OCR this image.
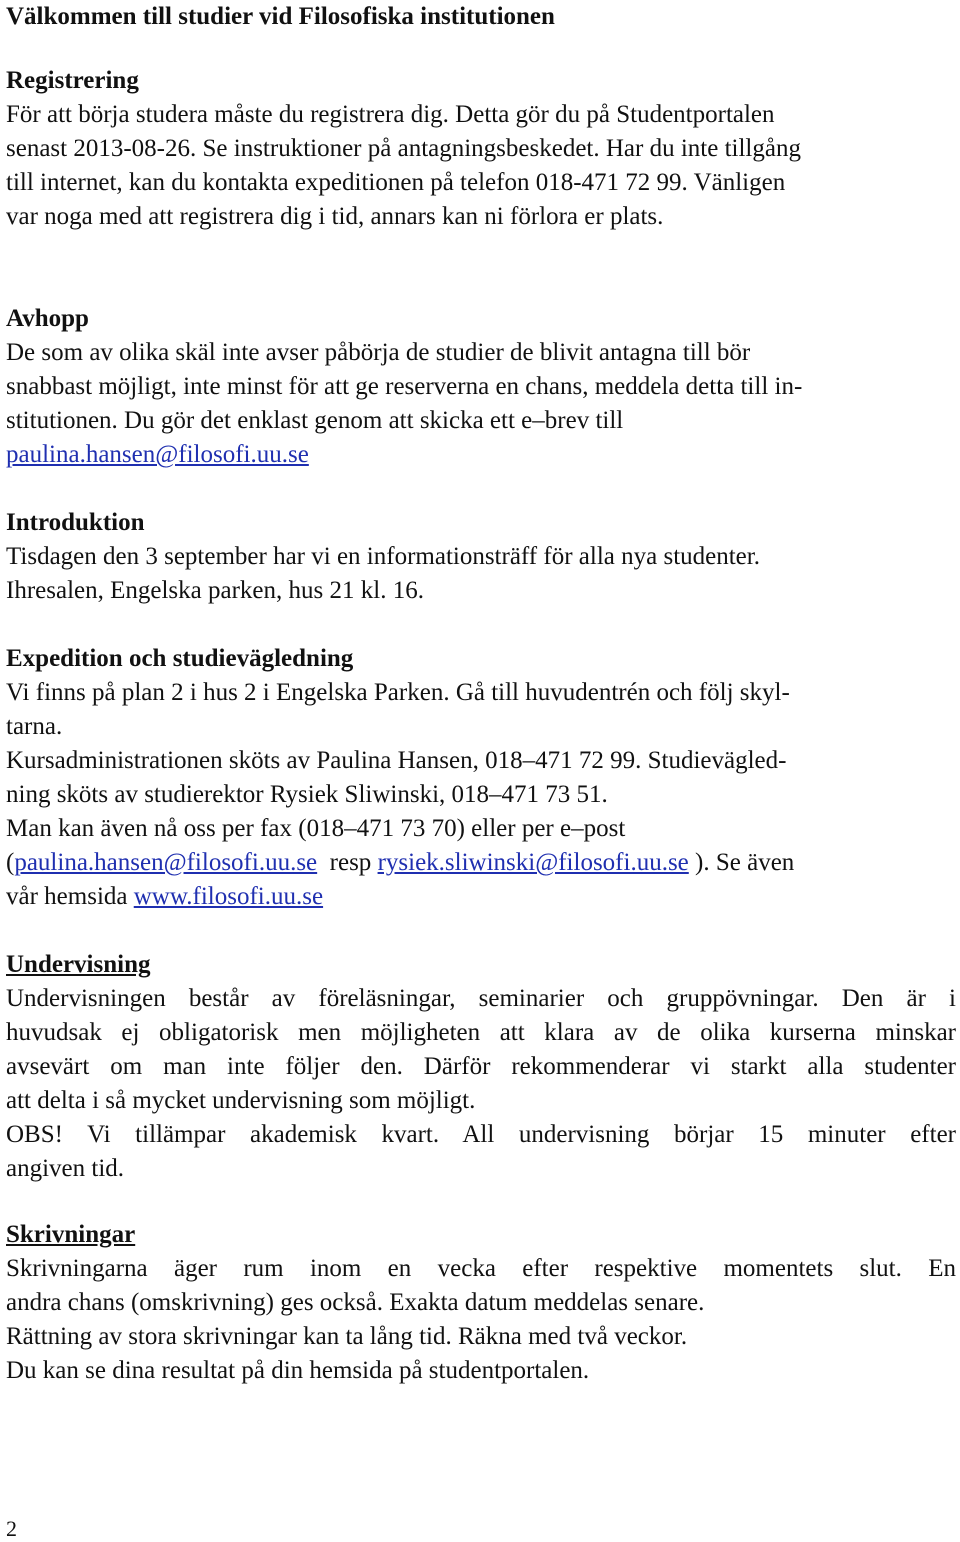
Välkommen till studier vid Filosofiska institutionen
Registrering
För att börja studera måste du registrera dig. Detta gör du på Studentportalen
senast 2013-08-26. Se instruktioner på antagningsbeskedet. Har du inte tillgång
till internet, kan du kontakta expeditionen på telefon 018-471 72 99. Vänligen
var noga med att registrera dig i tid, annars kan ni förlora er plats.
Avhopp
De som av olika skäl inte avser påbörja de studier de blivit antagna till bör
snabbast möjligt, inte minst för att ge reserverna en chans, meddela detta till in-
stitutionen. Du gör det enklast genom att skicka ett e–brev till
paulina.hansen@filosofi.uu.se
Introduktion
Tisdagen den 3 september har vi en informationsträff för alla nya studenter.
Ihresalen, Engelska parken, hus 21 kl. 16.
Expedition och studievägledning
Vi finns på plan 2 i hus 2 i Engelska Parken. Gå till huvudentrén och följ skyl-
tarna.
Kursadministrationen sköts av Paulina Hansen, 018–471 72 99. Studievägled-
ning sköts av studierektor Rysiek Sliwinski, 018–471 73 51.
Man kan även nå oss per fax (018–471 73 70) eller per e–post
(paulina.hansen@filosofi.uu.se resp rysiek.sliwinski@filosofi.uu.se ). Se även
vår hemsida www.filosofi.uu.se
Undervisning
Undervisningen består av föreläsningar, seminarier och gruppövningar. Den är i
huvudsak ej obligatorisk men möjligheten att klara av de olika kurserna minskar
avsevärt om man inte följer den. Därför rekommenderar vi starkt alla studenter
att delta i så mycket undervisning som möjligt.
OBS! Vi tillämpar akademisk kvart. All undervisning börjar 15 minuter efter
angiven tid.
Skrivningar
Skrivningarna äger rum inom en vecka efter respektive momentets slut. En
andra chans (omskrivning) ges också. Exakta datum meddelas senare.
Rättning av stora skrivningar kan ta lång tid. Räkna med två veckor.
Du kan se dina resultat på din hemsida på studentportalen.
2
